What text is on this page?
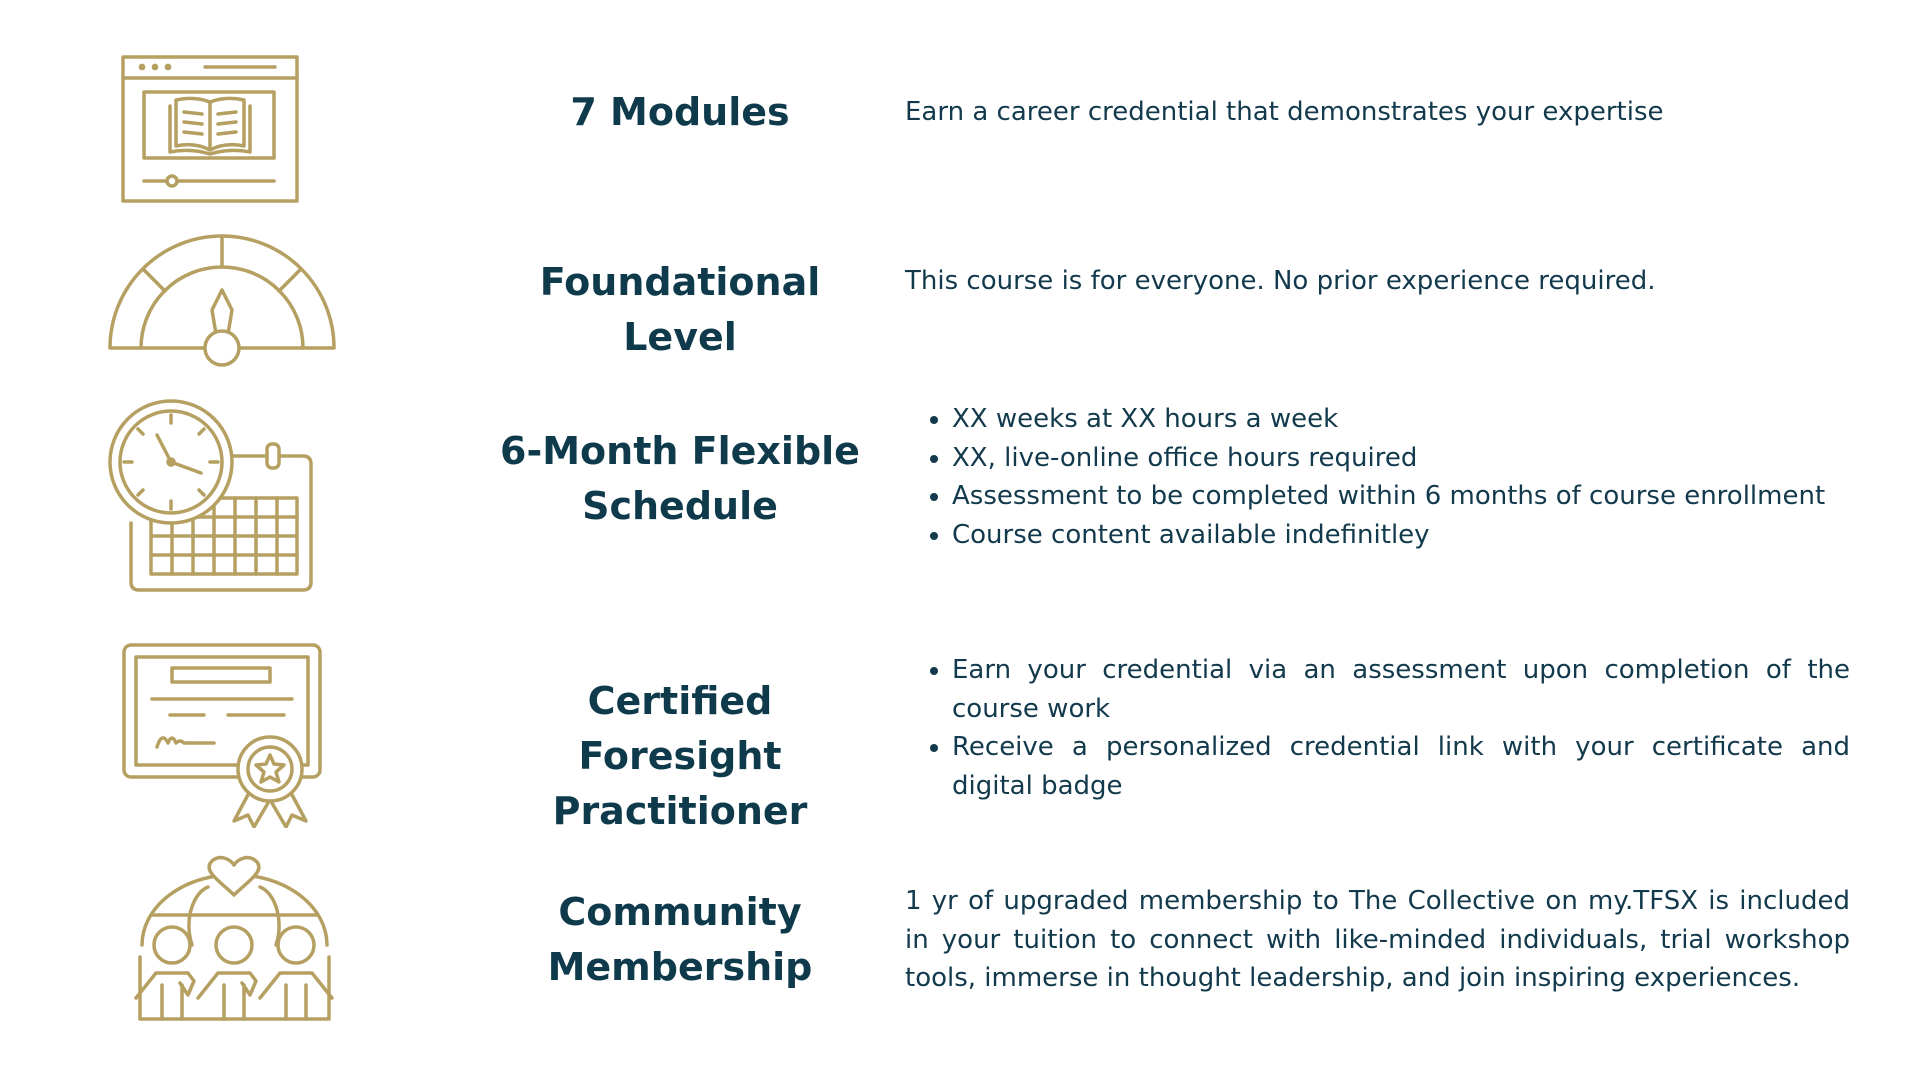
7 Modules	Earn a career credential that demonstrates your expertise

Foundational Level

This course is for everyone. No prior experience required.

6-Month Flexible
Schedule
• XX weeks at XX hours a week
• XX, live-online office hours required
• Assessment to be completed within 6 months of course enrollment
• Course content available indefinitley
Certified Foresight
Practitioner
• Earn your credential via an assessment upon completion of the course work
• Receive a personalized credential link with your certificate and digital badge
Community
Membership

1 yr of upgraded membership to The Collective on my.TFSX is included in your tuition to connect with like-minded individuals, trial workshop tools, immerse in thought leadership, and join inspiring experiences.
